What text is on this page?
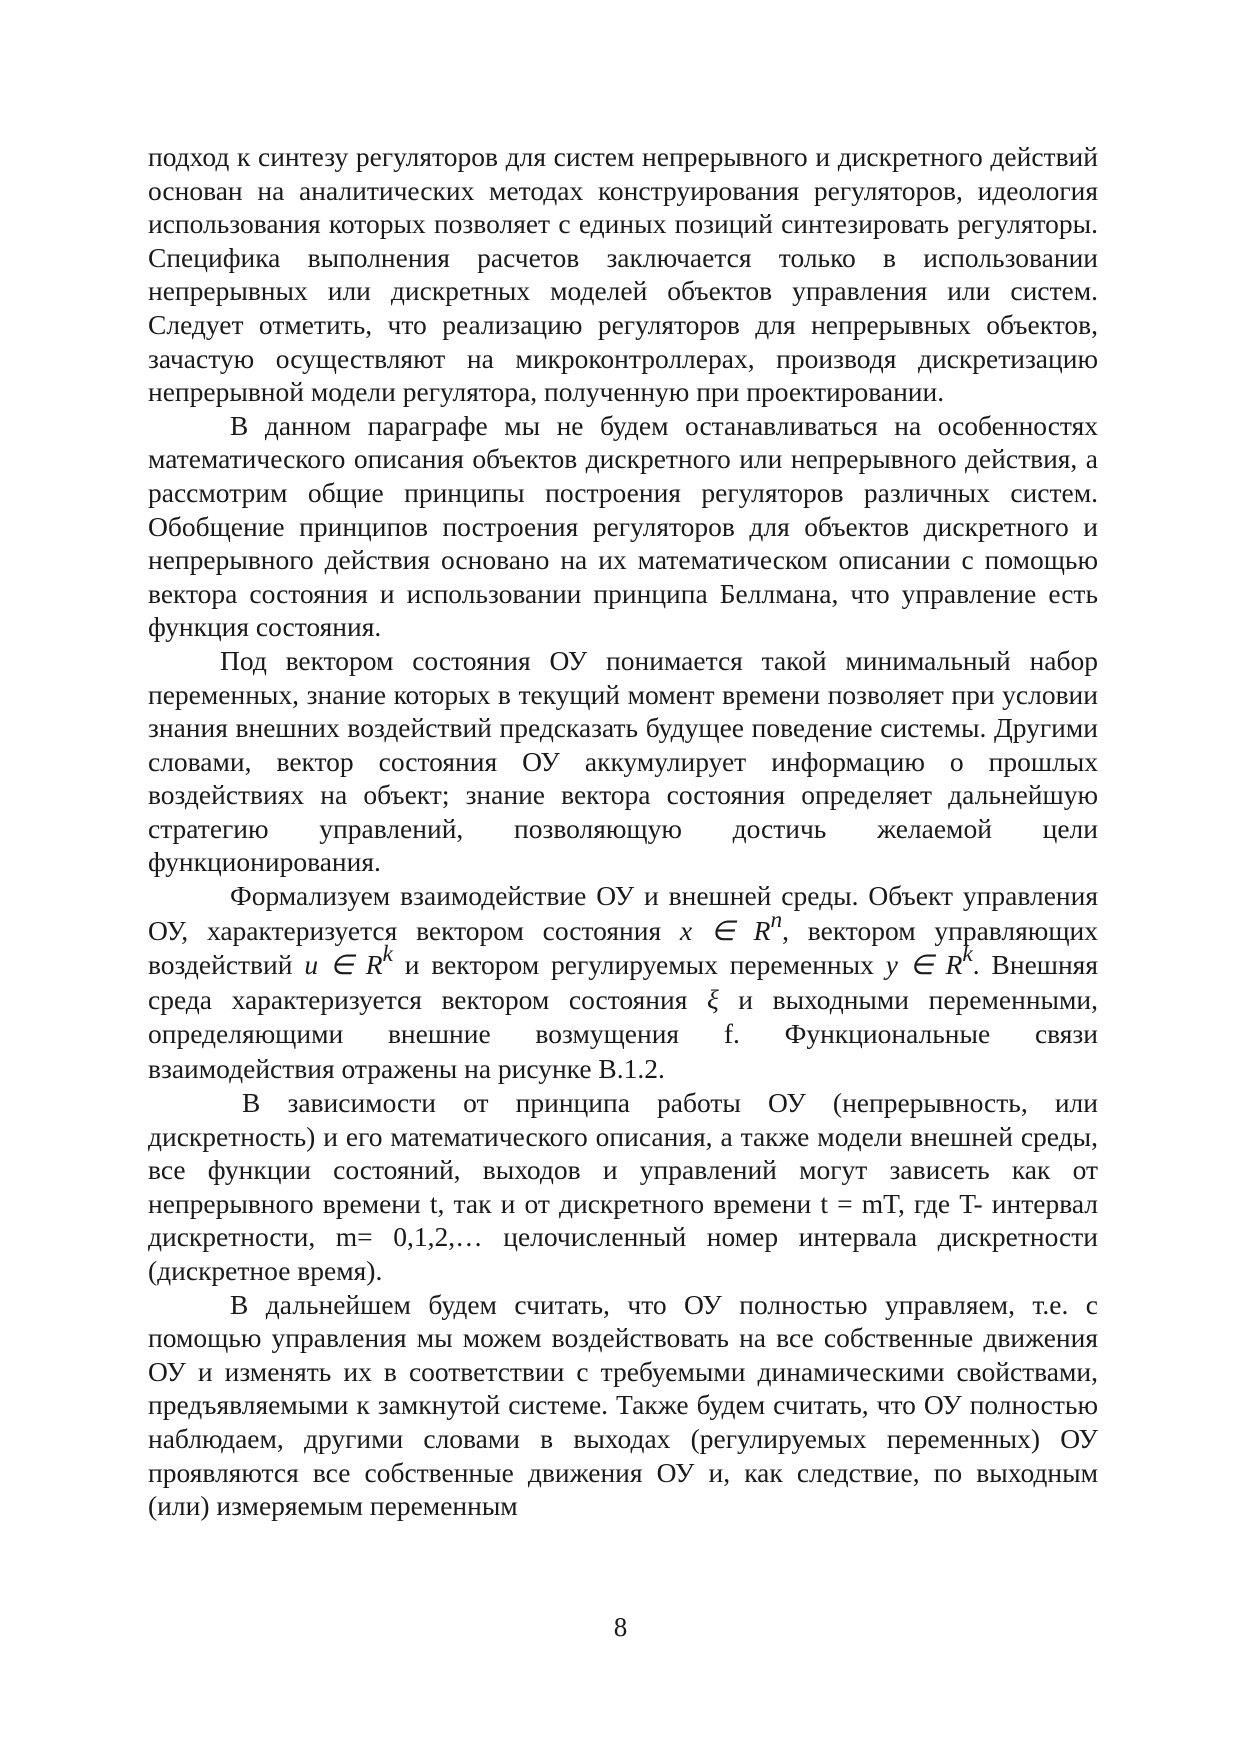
подход к синтезу регуляторов для систем непрерывного и дискретного действий основан на аналитических методах конструирования регуляторов, идеология использования которых позволяет с единых позиций синтезировать регуляторы. Специфика выполнения расчетов заключается только в использовании непрерывных или дискретных моделей объектов управления или систем. Следует отметить, что реализацию регуляторов для непрерывных объектов, зачастую осуществляют на микроконтроллерах, производя дискретизацию непрерывной модели регулятора, полученную при проектировании.

В данном параграфе мы не будем останавливаться на особенностях математического описания объектов дискретного или непрерывного действия, а рассмотрим общие принципы построения регуляторов различных систем. Обобщение принципов построения регуляторов для объектов дискретного и непрерывного действия основано на их математическом описании с помощью вектора состояния и использовании принципа Беллмана, что управление есть функция состояния.

Под вектором состояния ОУ понимается такой минимальный набор переменных, знание которых в текущий момент времени позволяет при условии знания внешних воздействий предсказать будущее поведение системы. Другими словами, вектор состояния ОУ аккумулирует информацию о прошлых воздействиях на объект; знание вектора состояния определяет дальнейшую стратегию управлений, позволяющую достичь желаемой цели функционирования.

Формализуем взаимодействие ОУ и внешней среды. Объект управления ОУ, характеризуется вектором состояния x ∈ $R^n$, вектором управляющих воздействий u ∈ $R^k$ и вектором регулируемых переменных y ∈ $R^k$. Внешняя среда характеризуется вектором состояния ξ и выходными переменными, определяющими внешние возмущения f. Функциональные связи взаимодействия отражены на рисунке В.1.2.

В зависимости от принципа работы ОУ (непрерывность, или дискретность) и его математического описания, а также модели внешней среды, все функции состояний, выходов и управлений могут зависеть как от непрерывного времени t, так и от дискретного времени t = mT, где T- интервал дискретности, m= 0,1,2,… целочисленный номер интервала дискретности (дискретное время).

В дальнейшем будем считать, что ОУ полностью управляем, т.е. с помощью управления мы можем воздействовать на все собственные движения ОУ и изменять их в соответствии с требуемыми динамическими свойствами, предъявляемыми к замкнутой системе. Также будем считать, что ОУ полностью наблюдаем, другими словами в выходах (регулируемых переменных) ОУ проявляются все собственные движения ОУ и, как следствие, по выходным (или) измеряемым переменным

8
